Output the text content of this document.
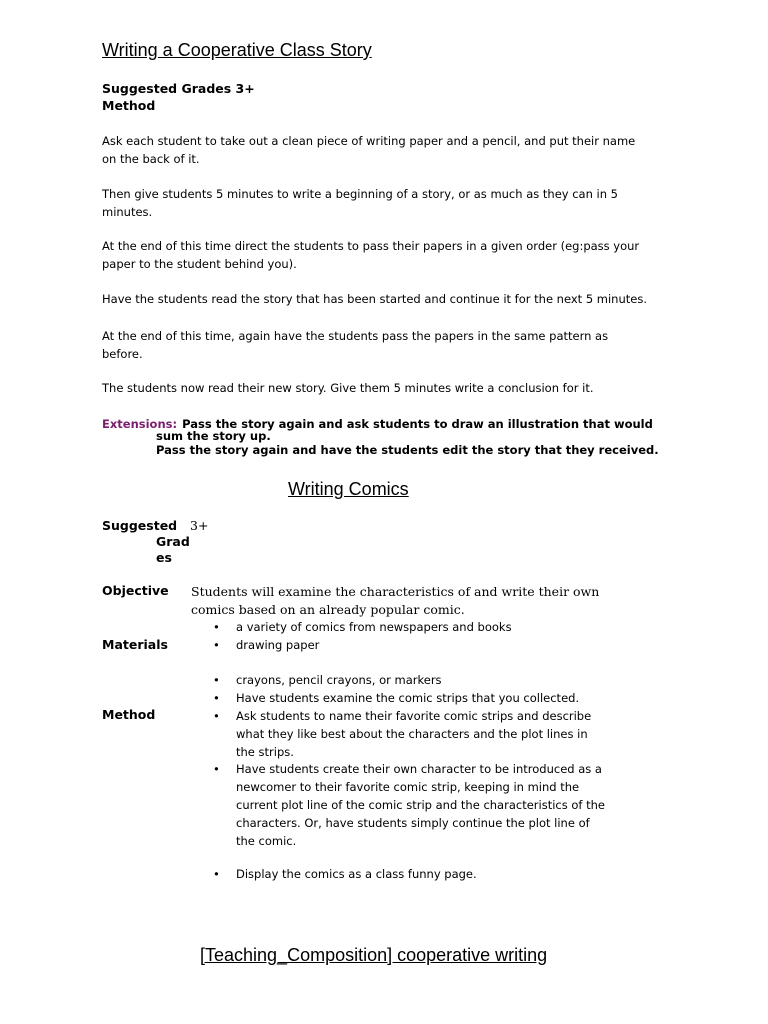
Writing a Cooperative Class Story
Suggested Grades 3+
Method
Ask each student to take out a clean piece of writing paper and a pencil, and put their name on the back of it.
Then give students 5 minutes to write a beginning of a story, or as much as they can in 5 minutes.
At the end of this time direct the students to pass their papers in a given order (eg:pass your paper to the student behind you).
Have the students read the story that has been started and continue it for the next 5 minutes.
At the end of this time, again have the students pass the papers in the same pattern as before.
The students now read their new story. Give them 5 minutes write a conclusion for it.
Extensions: Pass the story again and ask students to draw an illustration that would
sum the story up.
Pass the story again and have the students edit the story that they received.
Writing Comics
Suggested
Grad
es
3+
Objective Students will examine the characteristics of and write their own
comics based on an already popular comic.
Materials
Method
• a variety of comics from newspapers and books
• drawing paper
• crayons, pencil crayons, or markers
• Have students examine the comic strips that you collected.
• Ask students to name their favorite comic strips and describe
what they like best about the characters and the plot lines in
the strips.
• Have students create their own character to be introduced as a
newcomer to their favorite comic strip, keeping in mind the
current plot line of the comic strip and the characteristics of the
characters. Or, have students simply continue the plot line of
the comic.
• Display the comics as a class funny page.
[Teaching_Composition] cooperative writing
